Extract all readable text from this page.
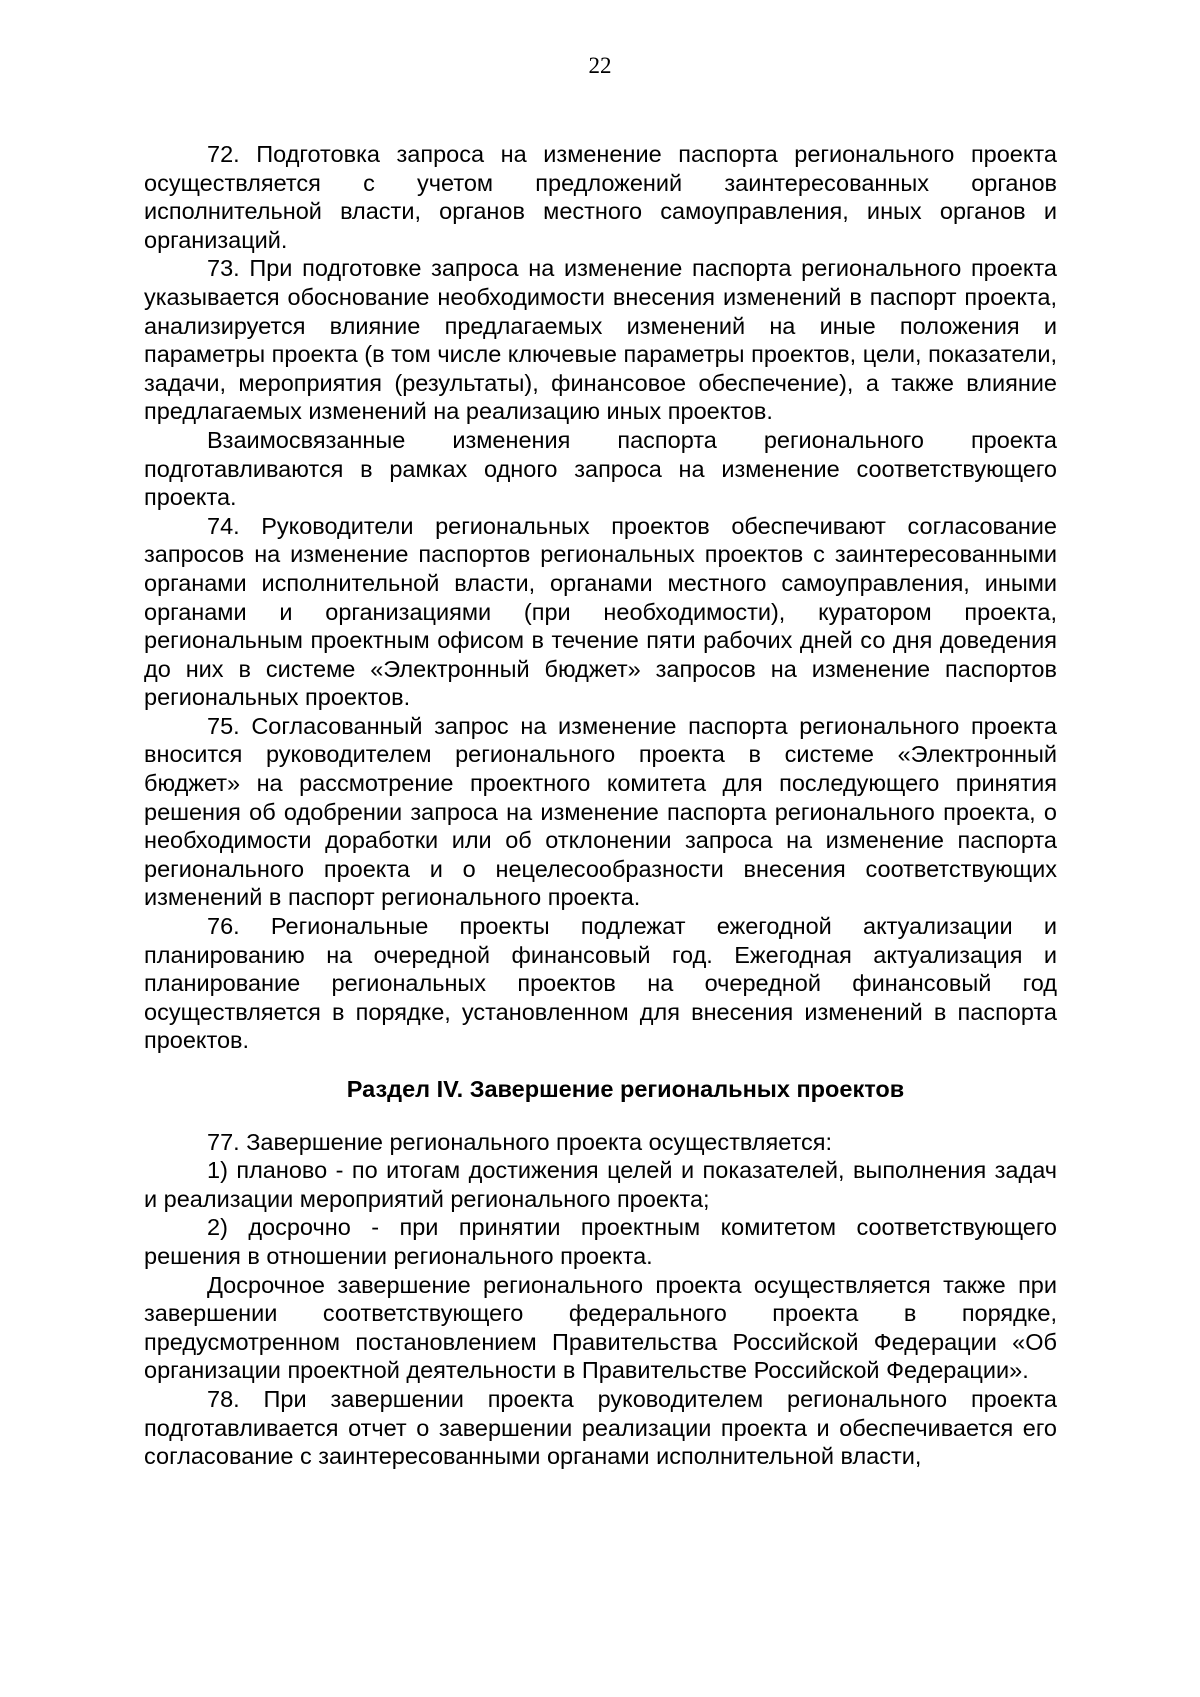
22

72. Подготовка запроса на изменение паспорта регионального проекта осуществляется с учетом предложений заинтересованных органов исполнительной власти, органов местного самоуправления, иных органов и организаций.

73. При подготовке запроса на изменение паспорта регионального проекта указывается обоснование необходимости внесения изменений в паспорт проекта, анализируется влияние предлагаемых изменений на иные положения и параметры проекта (в том числе ключевые параметры проектов, цели, показатели, задачи, мероприятия (результаты), финансовое обеспечение), а также влияние предлагаемых изменений на реализацию иных проектов.

Взаимосвязанные изменения паспорта регионального проекта подготавливаются в рамках одного запроса на изменение соответствующего проекта.

74. Руководители региональных проектов обеспечивают согласование запросов на изменение паспортов региональных проектов с заинтересованными органами исполнительной власти, органами местного самоуправления, иными органами и организациями (при необходимости), куратором проекта, региональным проектным офисом в течение пяти рабочих дней со дня доведения до них в системе «Электронный бюджет» запросов на изменение паспортов региональных проектов.

75. Согласованный запрос на изменение паспорта регионального проекта вносится руководителем регионального проекта в системе «Электронный бюджет» на рассмотрение проектного комитета для последующего принятия решения об одобрении запроса на изменение паспорта регионального проекта, о необходимости доработки или об отклонении запроса на изменение паспорта регионального проекта и о нецелесообразности внесения соответствующих изменений в паспорт регионального проекта.

76. Региональные проекты подлежат ежегодной актуализации и планированию на очередной финансовый год. Ежегодная актуализация и планирование региональных проектов на очередной финансовый год осуществляется в порядке, установленном для внесения изменений в паспорта проектов.

Раздел IV. Завершение региональных проектов

77. Завершение регионального проекта осуществляется:

1) планово - по итогам достижения целей и показателей, выполнения задач и реализации мероприятий регионального проекта;

2) досрочно - при принятии проектным комитетом соответствующего решения в отношении регионального проекта.

Досрочное завершение регионального проекта осуществляется также при завершении соответствующего федерального проекта в порядке, предусмотренном постановлением Правительства Российской Федерации «Об организации проектной деятельности в Правительстве Российской Федерации».

78. При завершении проекта руководителем регионального проекта подготавливается отчет о завершении реализации проекта и обеспечивается его согласование с заинтересованными органами исполнительной власти,
